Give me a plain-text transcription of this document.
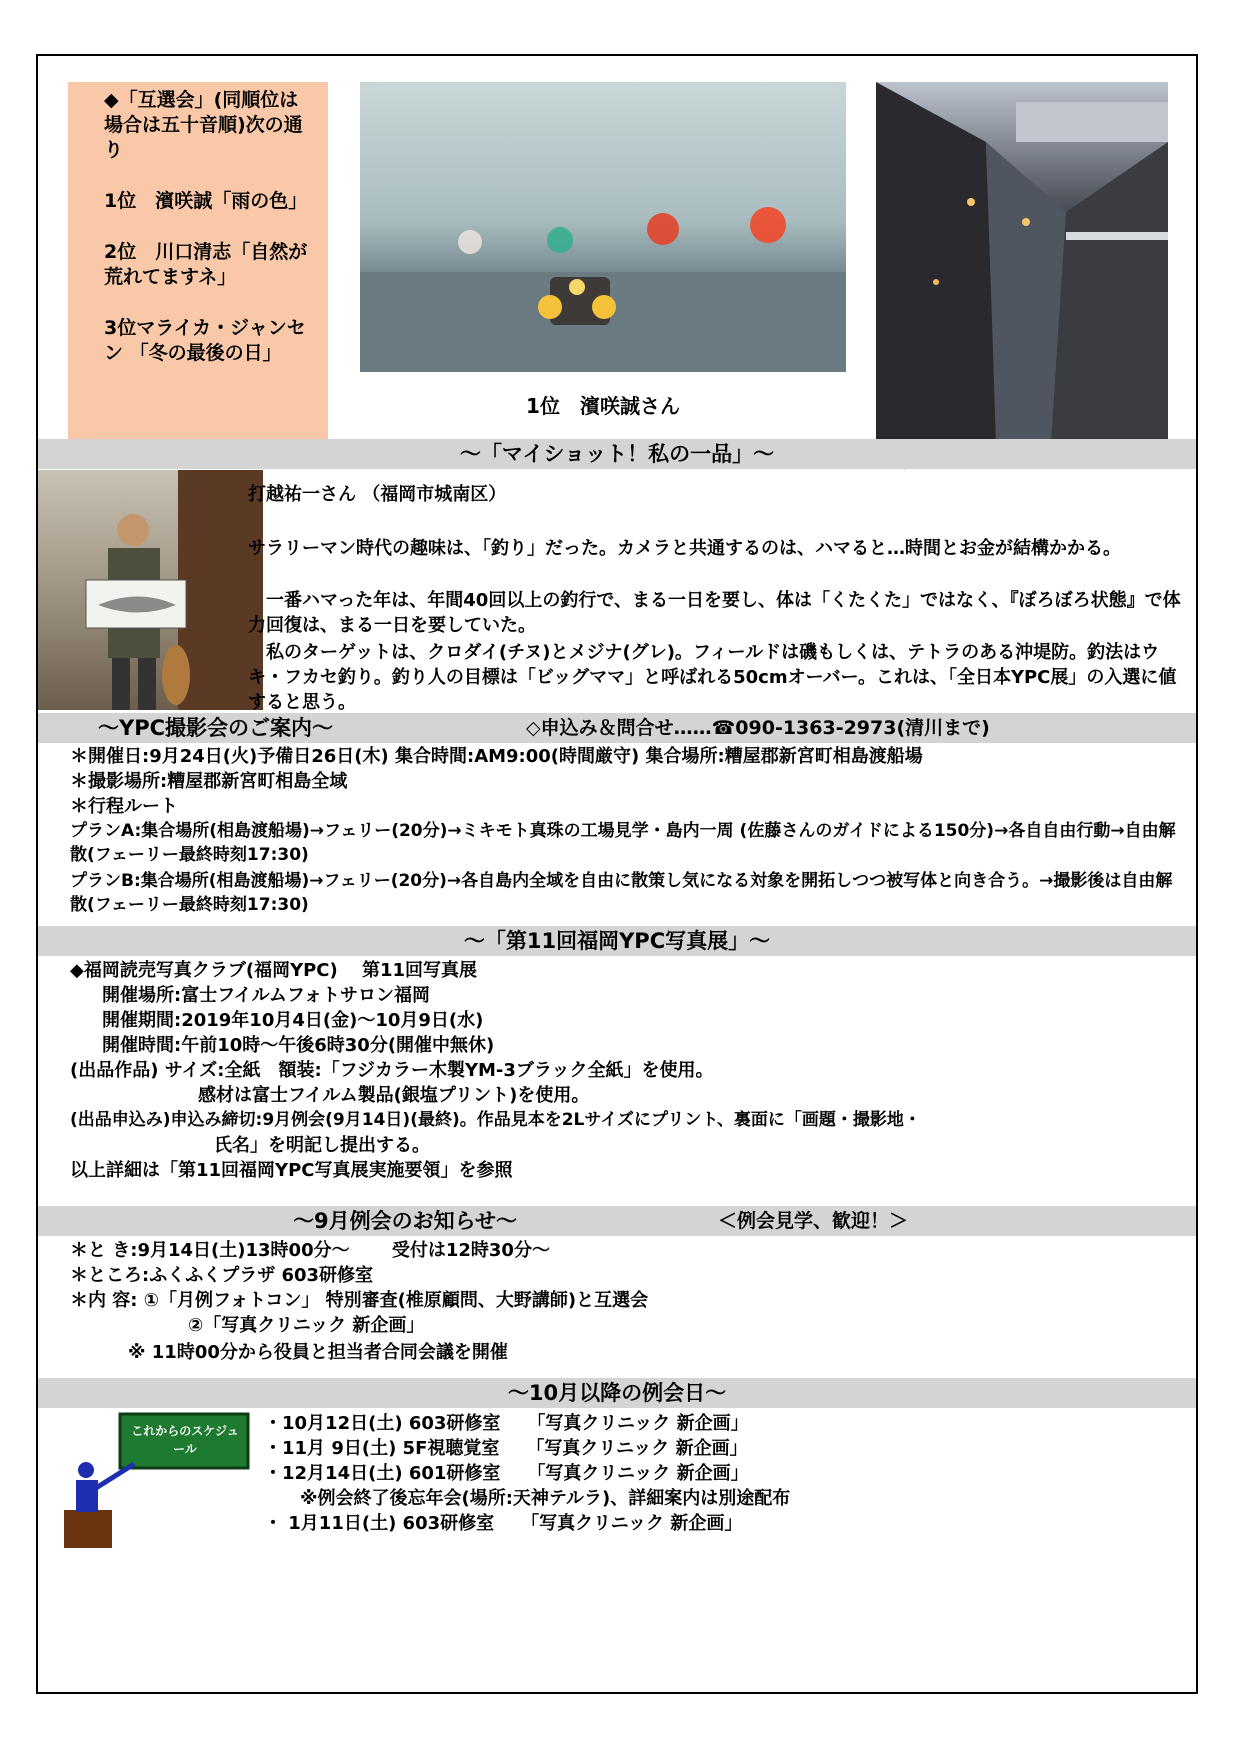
◆「互選会」(同順位は場合は五十音順)次の通り

1位　濱咲誠「雨の色」

2位　川口清志「自然が荒れてますネ」

3位マライカ・ジャンセン 「冬の最後の日」

1位　濱咲誠さん
～「マイショット！私の一品」～
打越祐一さん （福岡市城南区）
サラリーマン時代の趣味は、「釣り」だった。カメラと共通するのは、ハマると…時間とお金が結構かかる。
　一番ハマった年は、年間40回以上の釣行で、まる一日を要し、体は「くたくた」ではなく、『ぼろぼろ状態』で体力回復は、まる一日を要していた。
　私のターゲットは、クロダイ(チヌ)とメジナ(グレ)。フィールドは磯もしくは、テトラのある沖堤防。釣法はウキ・フカセ釣り。釣り人の目標は「ビッグママ」と呼ばれる50cmオーバー。これは、「全日本YPC展」の入選に値すると思う。
～YPC撮影会のご案内～	◇申込み＆問合せ……☎090-1363-2973(清川まで)
＊開催日:9月24日(火)予備日26日(木) 集合時間:AM9:00(時間厳守) 集合場所:糟屋郡新宮町相島渡船場
＊撮影場所:糟屋郡新宮町相島全域
＊行程ルート
プランA:集合場所(相島渡船場)→フェリー(20分)→ミキモト真珠の工場見学・島内一周 (佐藤さんのガイドによる150分)→各自自由行動→自由解散(フェーリー最終時刻17:30)
プランB:集合場所(相島渡船場)→フェリー(20分)→各自島内全域を自由に散策し気になる対象を開拓しつつ被写体と向き合う。→撮影後は自由解散(フェーリー最終時刻17:30)
～「第11回福岡YPC写真展」～
◆福岡読売写真クラブ(福岡YPC)　 第11回写真展
開催場所:富士フイルムフォトサロン福岡
開催期間:2019年10月4日(金)～10月9日(水)
開催時間:午前10時～午後6時30分(開催中無休)
(出品作品) サイズ:全紙　額装:「フジカラー木製YM-3ブラック全紙」を使用。
感材は富士フイルム製品(銀塩プリント)を使用。
(出品申込み)申込み締切:9月例会(9月14日)(最終)。作品見本を2Lサイズにプリント、裏面に「画題・撮影地・
氏名」を明記し提出する。
以上詳細は「第11回福岡YPC写真展実施要領」を参照
～9月例会のお知らせ～	＜例会見学、歓迎！＞
＊と き:9月14日(土)13時00分～　　 受付は12時30分～
＊ところ:ふくふくプラザ 603研修室
＊内 容: ①「月例フォトコン」 特別審査(椎原顧問、大野講師)と互選会
②「写真クリニック 新企画」
※ 11時00分から役員と担当者合同会議を開催
～10月以降の例会日～
これからのスケジュール
・10月12日(土) 603研修室　　「写真クリニック 新企画」
・11月 9日(土) 5F視聴覚室　　「写真クリニック 新企画」
・12月14日(土) 601研修室　　「写真クリニック 新企画」
※例会終了後忘年会(場所:天神テルラ)、詳細案内は別途配布
・ 1月11日(土) 603研修室　　「写真クリニック 新企画」
